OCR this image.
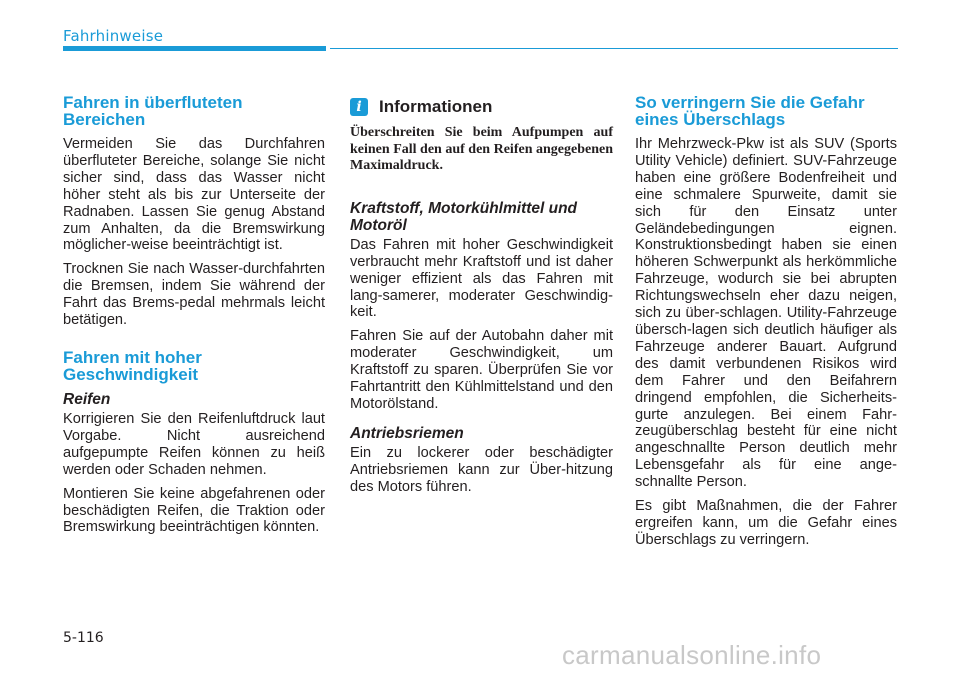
Fahrhinweise
Fahren in überfluteten Bereichen

Vermeiden Sie das Durchfahren überfluteter Bereiche, solange Sie nicht sicher sind, dass das Wasser nicht höher steht als bis zur Unterseite der Radnaben. Lassen Sie genug Abstand zum Anhalten, da die Bremswirkung möglicher-weise beeinträchtigt ist.

Trocknen Sie nach Wasser-durchfahrten die Bremsen, indem Sie während der Fahrt das Brems-pedal mehrmals leicht betätigen.

Fahren mit hoher Geschwindigkeit
Reifen

Korrigieren Sie den Reifenluftdruck laut Vorgabe. Nicht ausreichend aufgepumpte Reifen können zu heiß werden oder Schaden nehmen.

Montieren Sie keine abgefahrenen oder beschädigten Reifen, die Traktion oder Bremswirkung beeinträchtigen könnten.

i	Informationen
Überschreiten Sie beim Aufpumpen auf keinen Fall den auf den Reifen angegebenen Maximaldruck.
Kraftstoff, Motorkühlmittel und Motoröl

Das Fahren mit hoher Geschwindigkeit verbraucht mehr Kraftstoff und ist daher weniger effizient als das Fahren mit lang-samerer, moderater Geschwindig-keit.

Fahren Sie auf der Autobahn daher mit moderater Geschwindigkeit, um Kraftstoff zu sparen. Überprüfen Sie vor Fahrtantritt den Kühlmittelstand und den Motorölstand.

Antriebsriemen

Ein zu lockerer oder beschädigter Antriebsriemen kann zur Über-hitzung des Motors führen.

So verringern Sie die Gefahr eines Überschlags

Ihr Mehrzweck-Pkw ist als SUV (Sports Utility Vehicle) definiert. SUV-Fahrzeuge haben eine größere Bodenfreiheit und eine schmalere Spurweite, damit sie sich für den Einsatz unter Geländebedingungen eignen. Konstruktionsbedingt haben sie einen höheren Schwerpunkt als herkömmliche Fahrzeuge, wodurch sie bei abrupten Richtungswechseln eher dazu neigen, sich zu über-schlagen. Utility-Fahrzeuge übersch-lagen sich deutlich häufiger als Fahrzeuge anderer Bauart. Aufgrund des damit verbundenen Risikos wird dem Fahrer und den Beifahrern dringend empfohlen, die Sicherheits-gurte anzulegen. Bei einem Fahr-zeugüberschlag besteht für eine nicht angeschnallte Person deutlich mehr Lebensgefahr als für eine ange-schnallte Person.

Es gibt Maßnahmen, die der Fahrer ergreifen kann, um die Gefahr eines Überschlags zu verringern.

5-116
carmanualsonline.info
